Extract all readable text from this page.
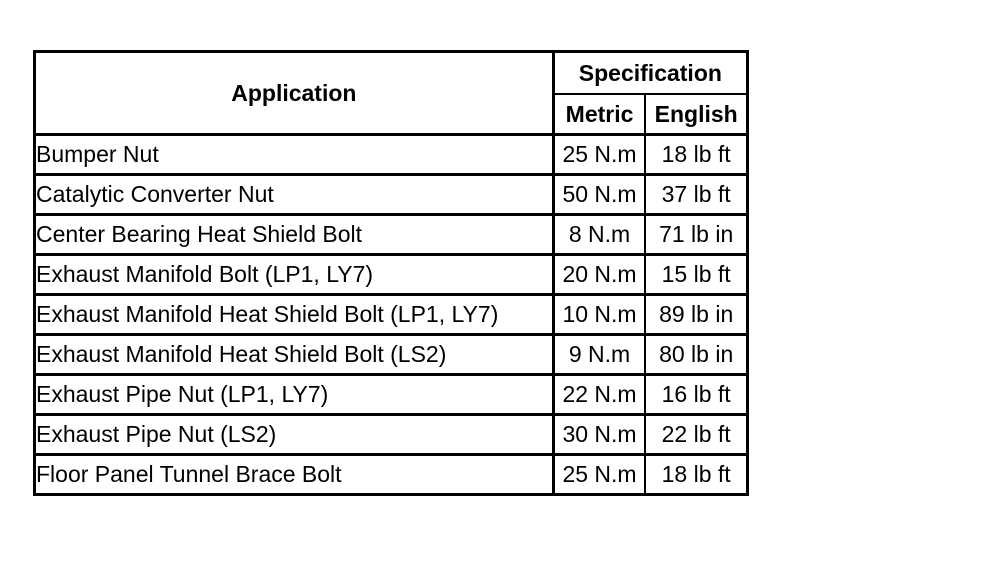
Application	Specification	
	Metric	English
Bumper Nut	25 N.m	18 lb ft
Catalytic Converter Nut	50 N.m	37 lb ft
Center Bearing Heat Shield Bolt	8 N.m	71 lb in
Exhaust Manifold Bolt (LP1, LY7)	20 N.m	15 lb ft
Exhaust Manifold Heat Shield Bolt (LP1, LY7)	10 N.m	89 lb in
Exhaust Manifold Heat Shield Bolt (LS2)	9 N.m	80 lb in
Exhaust Pipe Nut (LP1, LY7)	22 N.m	16 lb ft
Exhaust Pipe Nut (LS2)	30 N.m	22 lb ft
Floor Panel Tunnel Brace Bolt	25 N.m	18 lb ft
